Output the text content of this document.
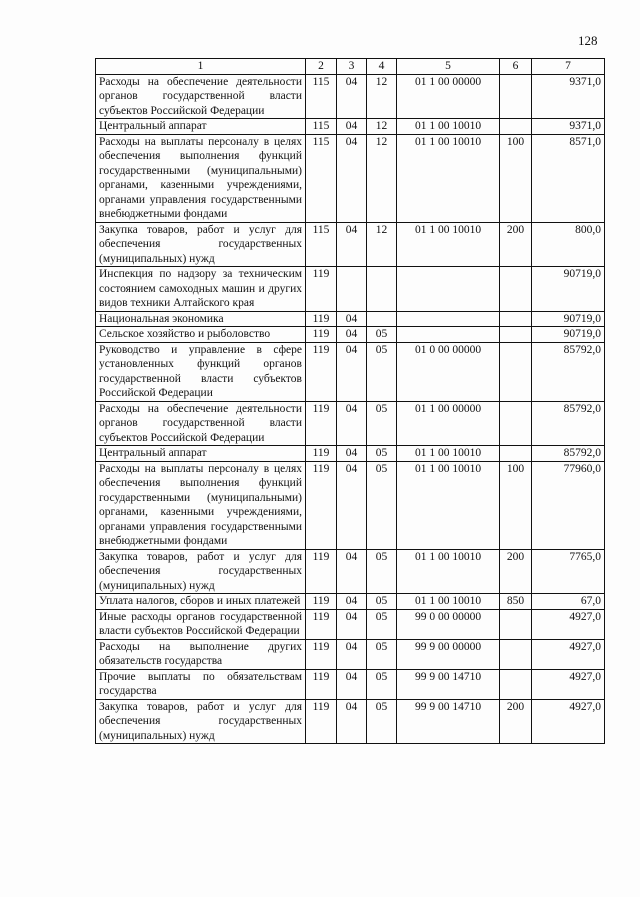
128
1	2	3	4	5	6	7
Расходы на обеспечение деятельности органов государственной власти субъектов Российской Федерации	115	04	12	01 1 00 00000		9371,0
Центральный аппарат	115	04	12	01 1 00 10010		9371,0
Расходы на выплаты персоналу в целях обеспечения выполнения функций государственными (муниципальными) органами, казенными учреждениями, органами управления государственными внебюджетными фондами	115	04	12	01 1 00 10010	100	8571,0
Закупка товаров, работ и услуг для обеспечения государственных (муниципальных) нужд	115	04	12	01 1 00 10010	200	800,0
Инспекция по надзору за техническим состоянием самоходных машин и других видов техники Алтайского края	119					90719,0
Национальная экономика	119	04				90719,0
Сельское хозяйство и рыболовство	119	04	05			90719,0
Руководство и управление в сфере установленных функций органов государственной власти субъектов Российской Федерации	119	04	05	01 0 00 00000		85792,0
Расходы на обеспечение деятельности органов государственной власти субъектов Российской Федерации	119	04	05	01 1 00 00000		85792,0
Центральный аппарат	119	04	05	01 1 00 10010		85792,0
Расходы на выплаты персоналу в целях обеспечения выполнения функций государственными (муниципальными) органами, казенными учреждениями, органами управления государственными внебюджетными фондами	119	04	05	01 1 00 10010	100	77960,0
Закупка товаров, работ и услуг для обеспечения государственных (муниципальных) нужд	119	04	05	01 1 00 10010	200	7765,0
Уплата налогов, сборов и иных платежей	119	04	05	01 1 00 10010	850	67,0
Иные расходы органов государственной власти субъектов Российской Федерации	119	04	05	99 0 00 00000		4927,0
Расходы на выполнение других обязательств государства	119	04	05	99 9 00 00000		4927,0
Прочие выплаты по обязательствам государства	119	04	05	99 9 00 14710		4927,0
Закупка товаров, работ и услуг для обеспечения государственных (муниципальных) нужд	119	04	05	99 9 00 14710	200	4927,0
